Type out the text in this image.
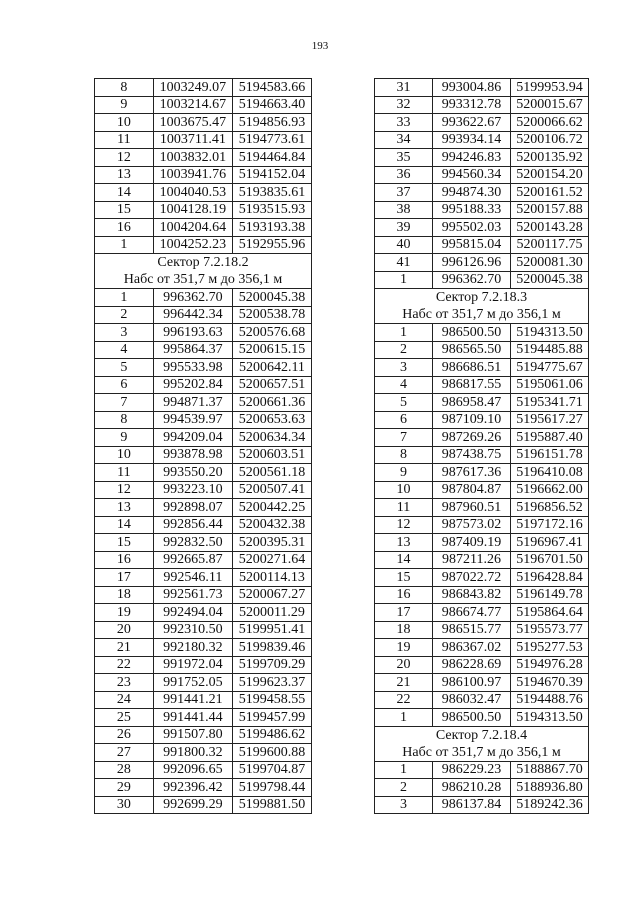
193
8	1003249.07	5194583.66
9	1003214.67	5194663.40
10	1003675.47	5194856.93
11	1003711.41	5194773.61
12	1003832.01	5194464.84
13	1003941.76	5194152.04
14	1004040.53	5193835.61
15	1004128.19	5193515.93
16	1004204.64	5193193.38
1	1004252.23	5192955.96

Сектор 7.2.18.2
Набс от 351,7 м до 356,1 м		

1	996362.70	5200045.38
2	996442.34	5200538.78
3	996193.63	5200576.68
4	995864.37	5200615.15
5	995533.98	5200642.11
6	995202.84	5200657.51
7	994871.37	5200661.36
8	994539.97	5200653.63
9	994209.04	5200634.34
10	993878.98	5200603.51
11	993550.20	5200561.18
12	993223.10	5200507.41
13	992898.07	5200442.25
14	992856.44	5200432.38
15	992832.50	5200395.31
16	992665.87	5200271.64
17	992546.11	5200114.13
18	992561.73	5200067.27
19	992494.04	5200011.29
20	992310.50	5199951.41
21	992180.32	5199839.46
22	991972.04	5199709.29
23	991752.05	5199623.37
24	991441.21	5199458.55
25	991441.44	5199457.99
26	991507.80	5199486.62
27	991800.32	5199600.88
28	992096.65	5199704.87
29	992396.42	5199798.44
30	992699.29	5199881.50
31	993004.86	5199953.94
32	993312.78	5200015.67
33	993622.67	5200066.62
34	993934.14	5200106.72
35	994246.83	5200135.92
36	994560.34	5200154.20
37	994874.30	5200161.52
38	995188.33	5200157.88
39	995502.03	5200143.28
40	995815.04	5200117.75
41	996126.96	5200081.30
1	996362.70	5200045.38

Сектор 7.2.18.3
Набс от 351,7 м до 356,1 м		

1	986500.50	5194313.50
2	986565.50	5194485.88
3	986686.51	5194775.67
4	986817.55	5195061.06
5	986958.47	5195341.71
6	987109.10	5195617.27
7	987269.26	5195887.40
8	987438.75	5196151.78
9	987617.36	5196410.08
10	987804.87	5196662.00
11	987960.51	5196856.52
12	987573.02	5197172.16
13	987409.19	5196967.41
14	987211.26	5196701.50
15	987022.72	5196428.84
16	986843.82	5196149.78
17	986674.77	5195864.64
18	986515.77	5195573.77
19	986367.02	5195277.53
20	986228.69	5194976.28
21	986100.97	5194670.39
22	986032.47	5194488.76
1	986500.50	5194313.50

Сектор 7.2.18.4
Набс от 351,7 м до 356,1 м		

1	986229.23	5188867.70
2	986210.28	5188936.80
3	986137.84	5189242.36
